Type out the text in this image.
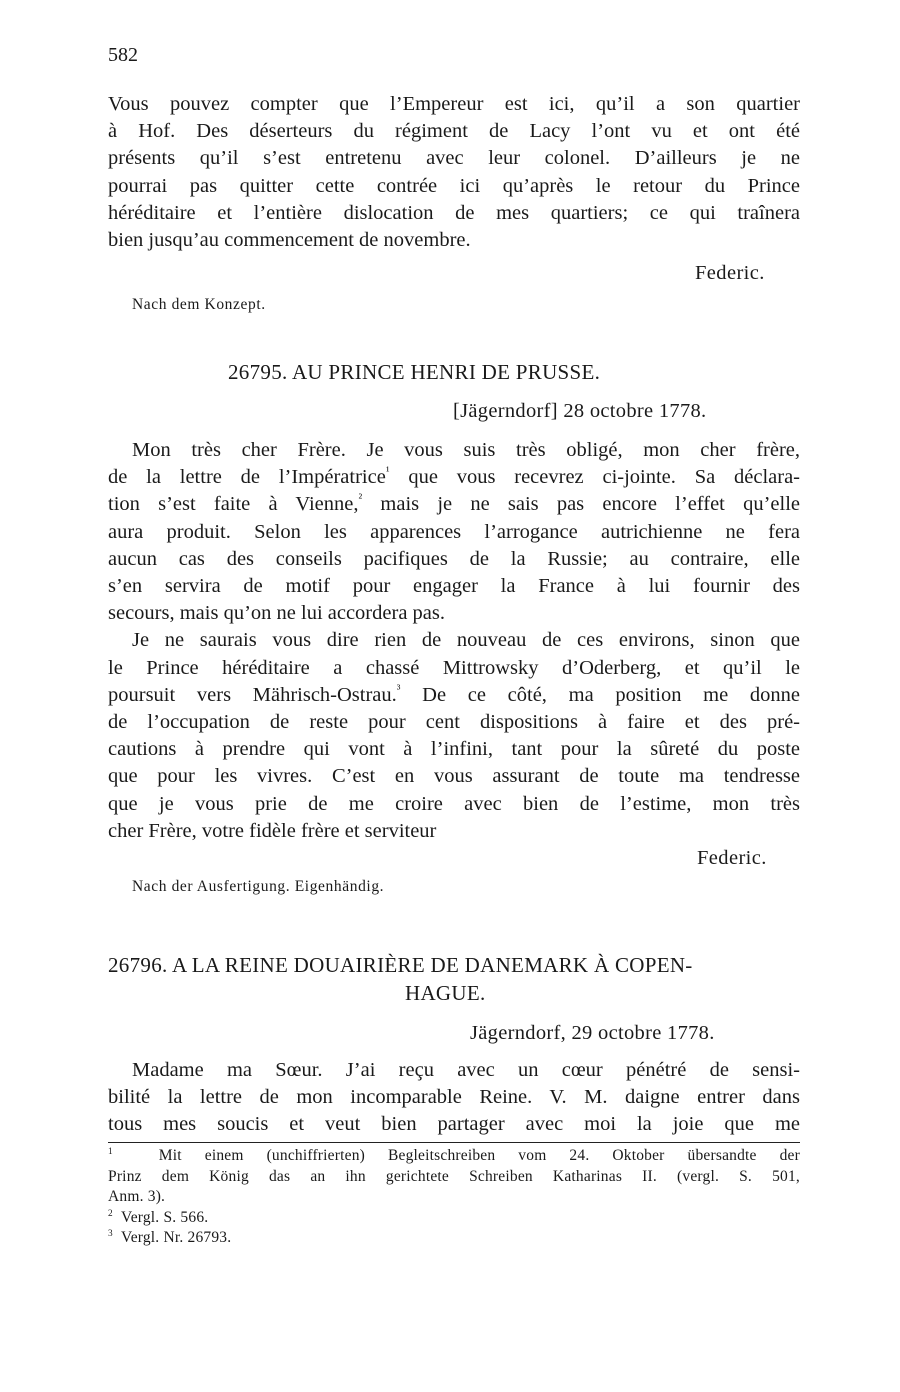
582
Vous pouvez compter que l’Empereur est ici, qu’il a son quartier
à Hof. Des déserteurs du régiment de Lacy l’ont vu et ont été
présents qu’il s’est entretenu avec leur colonel. D’ailleurs je ne
pourrai pas quitter cette contrée ici qu’après le retour du Prince
héréditaire et l’entière dislocation de mes quartiers; ce qui traînera
bien jusqu’au commencement de novembre.
Federic.
Nach dem Konzept.
26795. AU PRINCE HENRI DE PRUSSE.
[Jägerndorf] 28 octobre 1778.
Mon très cher Frère. Je vous suis très obligé, mon cher frère,
de la lettre de l’Impératrice$^{^1}$ que vous recevrez ci-jointe. Sa déclara-
tion s’est faite à Vienne,$^{^2}$ mais je ne sais pas encore l’effet qu’elle
aura produit. Selon les apparences l’arrogance autrichienne ne fera
aucun cas des conseils pacifiques de la Russie; au contraire, elle
s’en servira de motif pour engager la France à lui fournir des
secours, mais qu’on ne lui accordera pas.
Je ne saurais vous dire rien de nouveau de ces environs, sinon que
le Prince héréditaire a chassé Mittrowsky d’Oderberg, et qu’il le
poursuit vers Mährisch-Ostrau.$^{^3}$ De ce côté, ma position me donne
de l’occupation de reste pour cent dispositions à faire et des pré-
cautions à prendre qui vont à l’infini, tant pour la sûreté du poste
que pour les vivres. C’est en vous assurant de toute ma tendresse
que je vous prie de me croire avec bien de l’estime, mon très
cher Frère, votre fidèle frère et serviteur
Federic.
Nach der Ausfertigung. Eigenhändig.
26796. A LA REINE DOUAIRIÈRE DE DANEMARK À COPEN-
HAGUE.
Jägerndorf, 29 octobre 1778.
Madame ma Sœur. J’ai reçu avec un cœur pénétré de sensi-
bilité la lettre de mon incomparable Reine. V. M. daigne entrer dans
tous mes soucis et veut bien partager avec moi la joie que me
$^1$	Mit einem (unchiffrierten) Begleitschreiben vom 24. Oktober übersandte der
Prinz dem König das an ihn gerichtete Schreiben Katharinas II. (vergl. S. 501,
Anm. 3).
$^2$ Vergl. S. 566.
$^3$ Vergl. Nr. 26793.
